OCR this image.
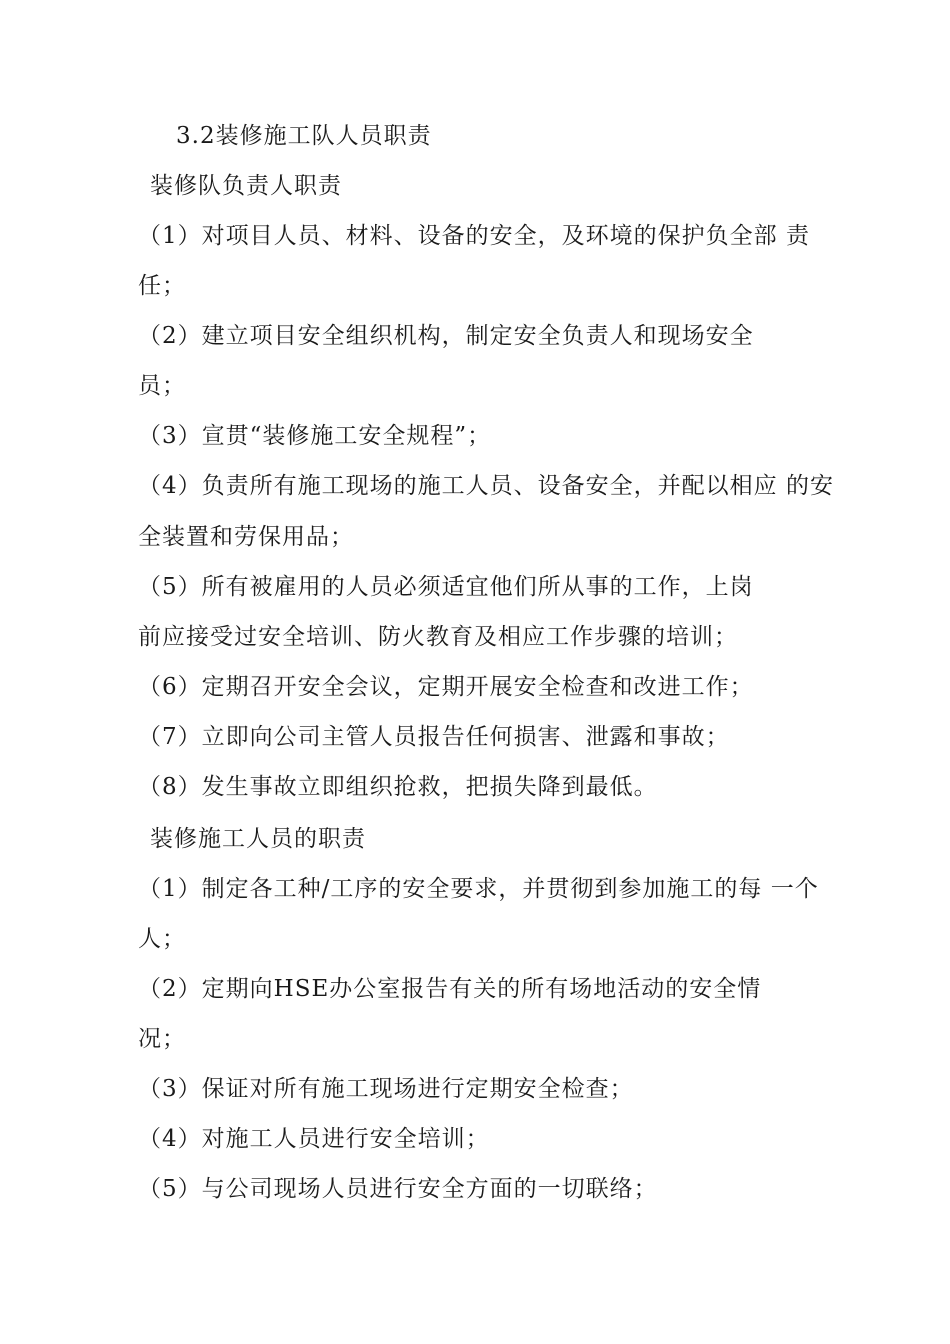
3.2装修施工队人员职责
装修队负责人职责
（1）对项目人员、材料、设备的安全，及环境的保护负全部 责
任；
（2）建立项目安全组织机构，制定安全负责人和现场安全
员；
（3）宣贯“装修施工安全规程”；
（4）负责所有施工现场的施工人员、设备安全，并配以相应 的安
全装置和劳保用品；
（5）所有被雇用的人员必须适宜他们所从事的工作，上岗
前应接受过安全培训、防火教育及相应工作步骤的培训；
（6）定期召开安全会议，定期开展安全检查和改进工作；
（7）立即向公司主管人员报告任何损害、泄露和事故；
（8）发生事故立即组织抢救，把损失降到最低。
装修施工人员的职责
（1）制定各工种/工序的安全要求，并贯彻到参加施工的每 一个
人；
（2）定期向HSE办公室报告有关的所有场地活动的安全情
况；
（3）保证对所有施工现场进行定期安全检查；
（4）对施工人员进行安全培训；
（5）与公司现场人员进行安全方面的一切联络；
